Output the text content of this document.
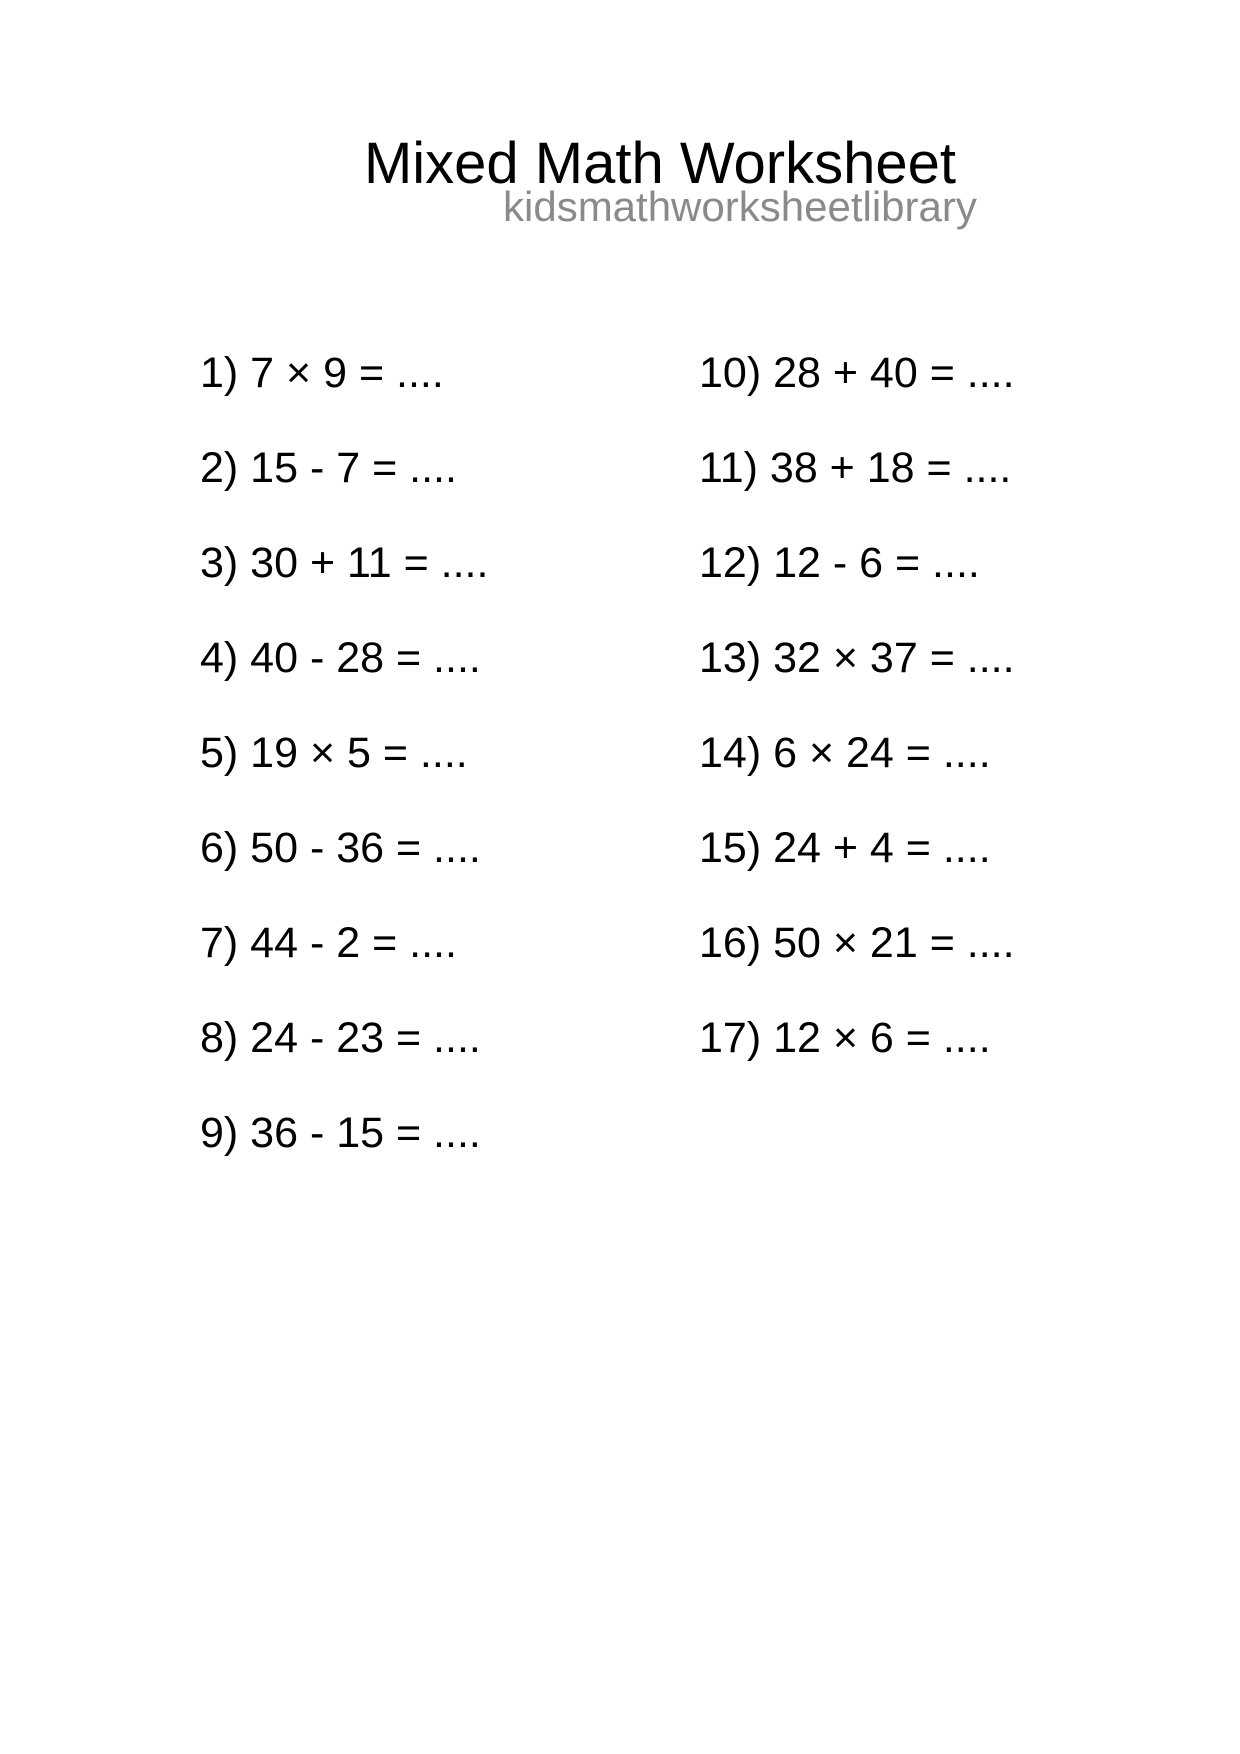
Mixed Math Worksheet
kidsmathworksheetlibrary
1) 7 × 9 = ....
2) 15 - 7 = ....
3) 30 + 11 = ....
4) 40 - 28 = ....
5) 19 × 5 = ....
6) 50 - 36 = ....
7) 44 - 2 = ....
8) 24 - 23 = ....
9) 36 - 15 = ....
10) 28 + 40 = ....
11) 38 + 18 = ....
12) 12 - 6 = ....
13) 32 × 37 = ....
14) 6 × 24 = ....
15) 24 + 4 = ....
16) 50 × 21 = ....
17) 12 × 6 = ....
